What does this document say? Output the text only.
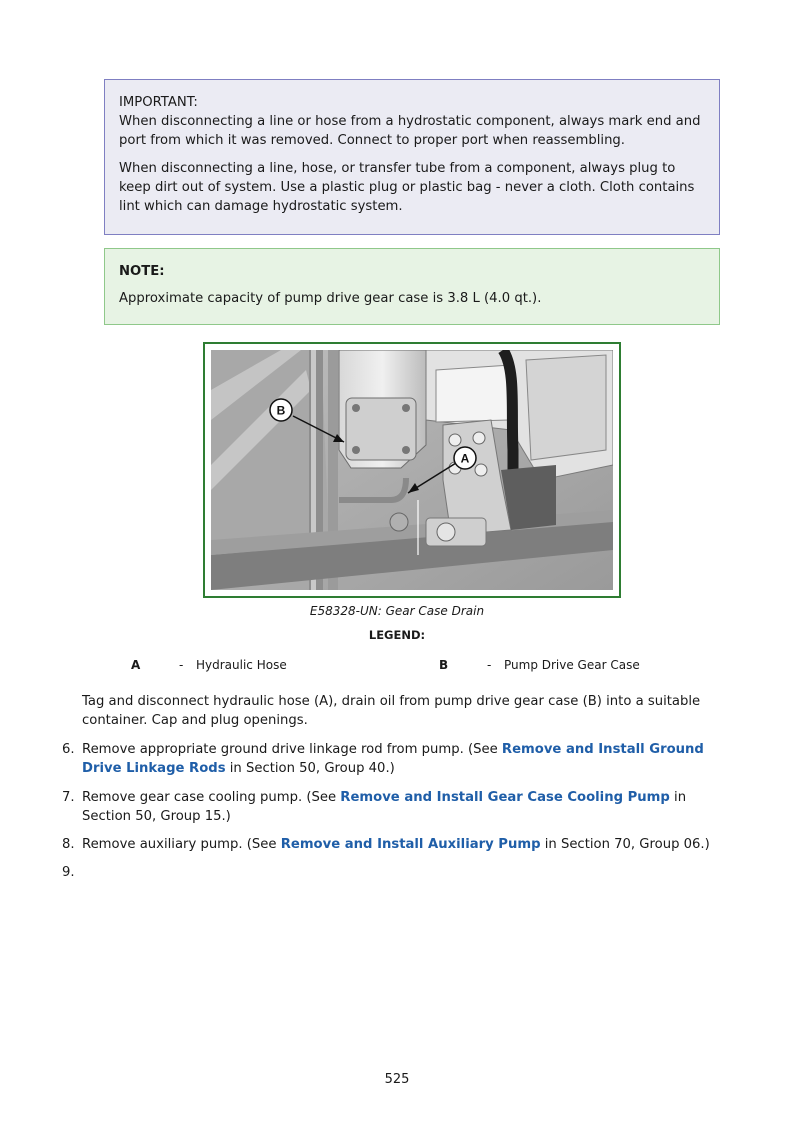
IMPORTANT:
When disconnecting a line or hose from a hydrostatic component, always mark end and port from which it was removed. Connect to proper port when reassembling.

When disconnecting a line, hose, or transfer tube from a component, always plug to keep dirt out of system. Use a plastic plug or plastic bag - never a cloth. Cloth contains lint which can damage hydrostatic system.

NOTE:

Approximate capacity of pump drive gear case is 3.8 L (4.0 qt.).

B
A
E58328-UN: Gear Case Drain
LEGEND:
A	- Hydraulic Hose	B	- Pump Drive Gear Case
Tag and disconnect hydraulic hose (A), drain oil from pump drive gear case (B) into a suitable container. Cap and plug openings.
6. Remove appropriate ground drive linkage rod from pump. (See Remove and Install Ground Drive Linkage Rods in Section 50, Group 40.)
7. Remove gear case cooling pump. (See Remove and Install Gear Case Cooling Pump in Section 50, Group 15.)
8. Remove auxiliary pump. (See Remove and Install Auxiliary Pump in Section 70, Group 06.)
9.
525
